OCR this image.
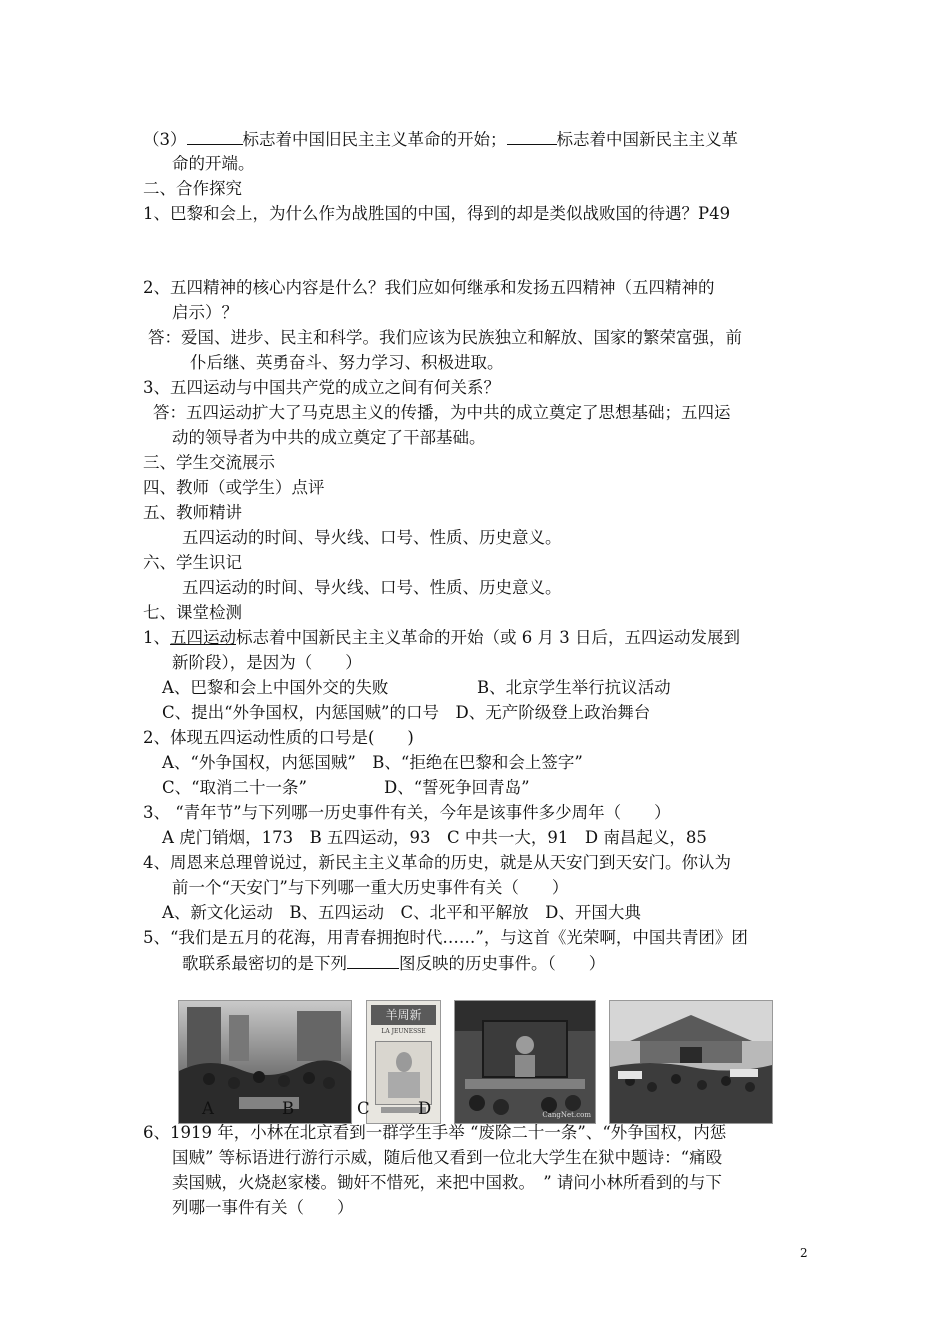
（3）	标志着中国旧民主主义革命的开始；	标志着中国新民主主义革
命的开端。
二、合作探究
1、巴黎和会上，为什么作为战胜国的中国，得到的却是类似战败国的待遇？P49
2、五四精神的核心内容是什么？我们应如何继承和发扬五四精神（五四精神的
启示）？
答：爱国、进步、民主和科学。我们应该为民族独立和解放、国家的繁荣富强，前
仆后继、英勇奋斗、努力学习、积极进取。
3、五四运动与中国共产党的成立之间有何关系？
答：五四运动扩大了马克思主义的传播，为中共的成立奠定了思想基础；五四运
动的领导者为中共的成立奠定了干部基础。
三、学生交流展示
四、教师（或学生）点评
五、教师精讲
五四运动的时间、导火线、口号、性质、历史意义。
六、学生识记
五四运动的时间、导火线、口号、性质、历史意义。
七、课堂检测
1、五四运动标志着中国新民主主义革命的开始（或 6 月 3 日后，五四运动发展到
新阶段），是因为（　　）
A、巴黎和会上中国外交的失败	B、北京学生举行抗议活动
C、提出“外争国权，内惩国贼”的口号　D、无产阶级登上政治舞台
2、体现五四运动性质的口号是(　　)
A、“外争国权，内惩国贼”　B、“拒绝在巴黎和会上签字”
C、“取消二十一条”	D、“誓死争回青岛”
3、 “青年节”与下列哪一历史事件有关，今年是该事件多少周年（　　）
A 虎门销烟，173　B 五四运动，93　C 中共一大，91　D 南昌起义，85
4、周恩来总理曾说过，新民主主义革命的历史，就是从天安门到天安门。你认为
前一个“天安门”与下列哪一重大历史事件有关（　　）
A、新文化运动　B、五四运动　C、北平和平解放　D、开国大典
5、“我们是五月的花海，用青春拥抱时代……”，与这首《光荣啊，中国共青团》团
歌联系最密切的是下列	图反映的历史事件。（　　）
羊周新
LA JEUNESSE
CangNet.com
A	B	C	D
6、1919 年，小林在北京看到一群学生手举 “废除二十一条”、“外争国权，内惩
国贼” 等标语进行游行示威，随后他又看到一位北大学生在狱中题诗：“痛殴
卖国贼，火烧赵家楼。锄奸不惜死，来把中国救。　” 请问小林所看到的与下
列哪一事件有关（　　）
2
